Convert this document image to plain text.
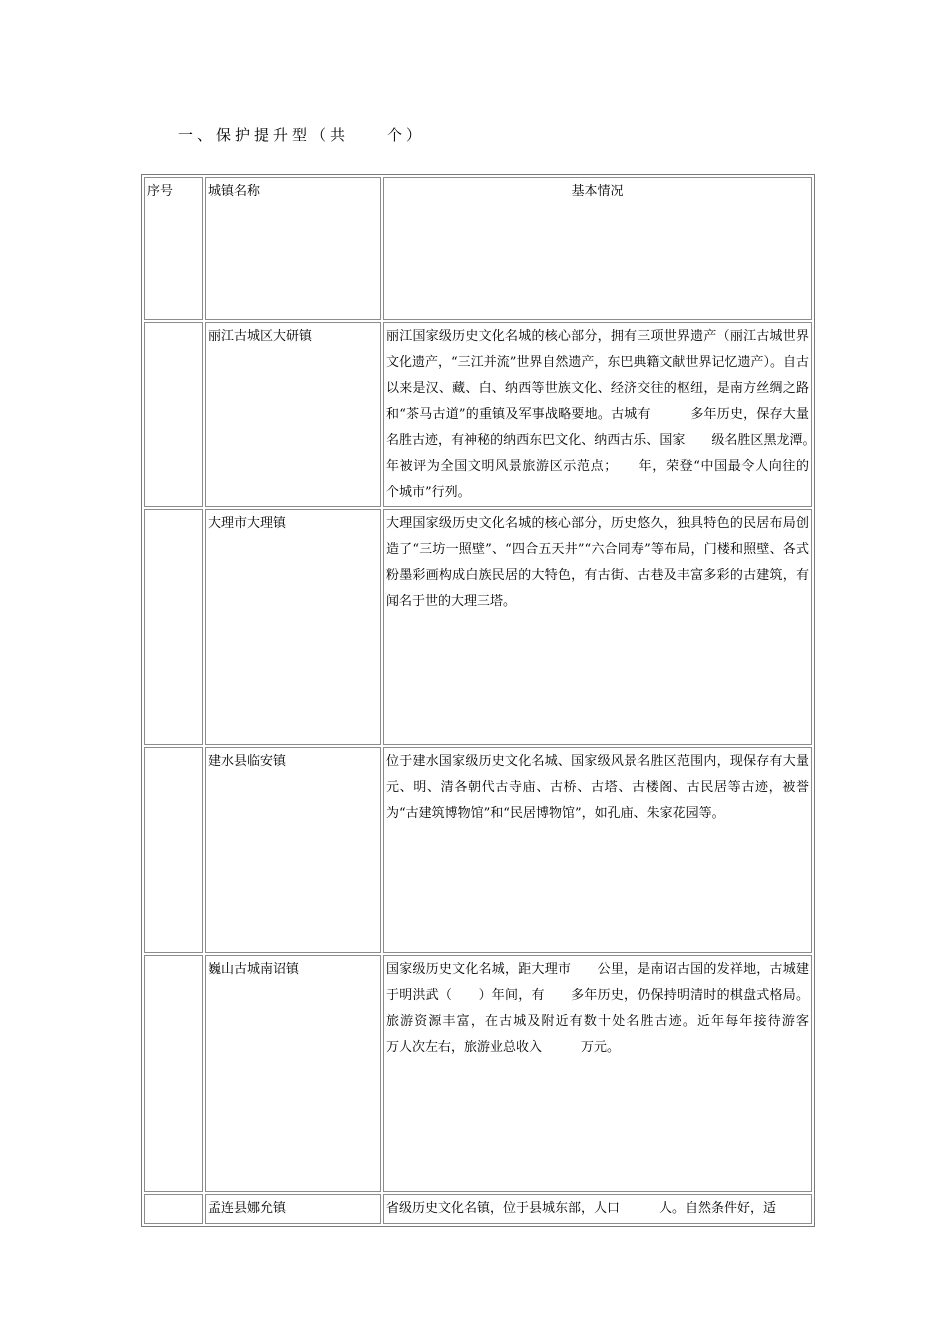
一、保护提升型（共　　个）
序号	城镇名称	基本情况
	丽江古城区大研镇	丽江国家级历史文化名城的核心部分，拥有三项世界遗产（丽江古城世界文化遗产，“三江并流”世界自然遗产，东巴典籍文献世界记忆遗产）。自古以来是汉、藏、白、纳西等世族文化、经济交往的枢纽，是南方丝绸之路和“茶马古道”的重镇及军事战略要地。古城有　　　多年历史，保存大量名胜古迹，有神秘的纳西东巴文化、纳西古乐、国家　　级名胜区黑龙潭。　　　年被评为全国文明风景旅游区示范点；　　年，荣登“中国最令人向往的　　个城市”行列。
	大理市大理镇	大理国家级历史文化名城的核心部分，历史悠久，独具特色的民居布局创造了“三坊一照壁”、“四合五天井”“六合同寿”等布局，门楼和照壁、各式粉墨彩画构成白族民居的大特色，有古街、古巷及丰富多彩的古建筑，有闻名于世的大理三塔。
	建水县临安镇	位于建水国家级历史文化名城、国家级风景名胜区范围内，现保存有大量元、明、清各朝代古寺庙、古桥、古塔、古楼阁、古民居等古迹，被誉为“古建筑博物馆”和“民居博物馆”，如孔庙、朱家花园等。
	巍山古城南诏镇	国家级历史文化名城，距大理市　　公里，是南诏古国的发祥地，古城建于明洪武（　　）年间，有　　多年历史，仍保持明清时的棋盘式格局。旅游资源丰富，在古城及附近有数十处名胜古迹。近年每年接待游客　　　万人次左右，旅游业总收入　　　万元。
	孟连县娜允镇	省级历史文化名镇，位于县城东部，人口　　　人。自然条件好，适
